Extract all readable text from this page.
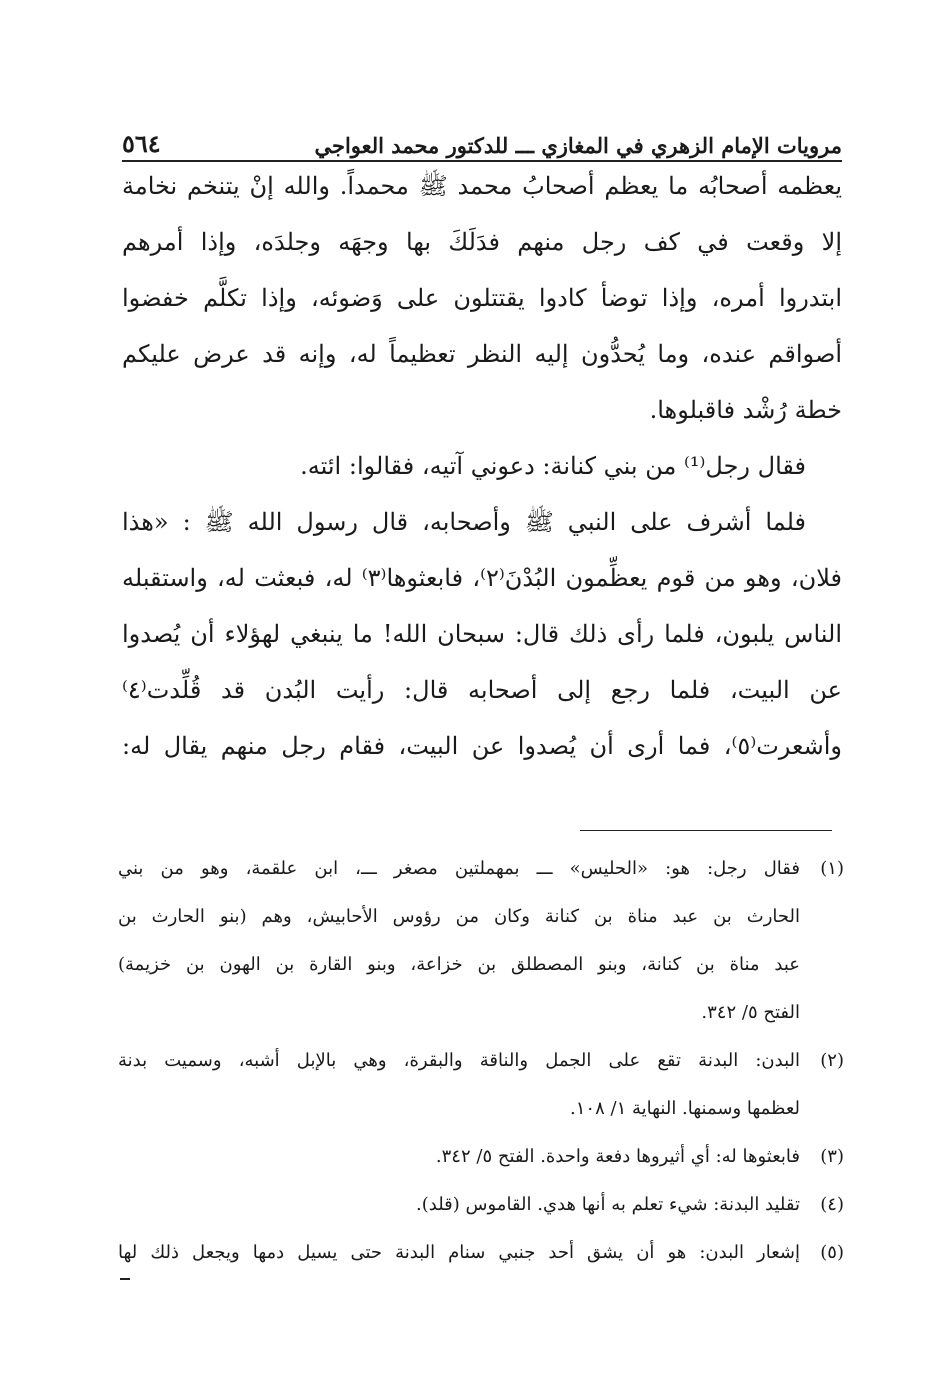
مرويات الإمام الزهري في المغازي ـــ للدكتور محمد العواجي
٥٦٤
يعظمه أصحابُه ما يعظم أصحابُ محمد ﷺ محمداً. والله إنْ يتنخم نخامة
إلا وقعت في كف رجل منهم فدَلَكَ بها وجهَه وجلدَه، وإذا أمرهم
ابتدروا أمره، وإذا توضأ كادوا يقتتلون على وَضوئه، وإذا تكلَّم خفضوا
أصواقم عنده، وما يُحدُّون إليه النظر تعظيماً له، وإنه قد عرض عليكم
خطة رُشْد فاقبلوها.
فقال رجل⁽¹⁾ من بني كنانة: دعوني آتيه، فقالوا: ائته.
فلما أشرف على النبي ﷺ وأصحابه، قال رسول الله ﷺ : «هذا
فلان، وهو من قوم يعظِّمون البُدْنَ⁽٢⁾، فابعثوها⁽٣⁾ له، فبعثت له، واستقبله
الناس يلبون، فلما رأى ذلك قال: سبحان الله! ما ينبغي لهؤلاء أن يُصدوا
عن البيت، فلما رجع إلى أصحابه قال: رأيت البُدن قد قُلِّدت⁽٤⁾
وأشعرت⁽٥⁾، فما أرى أن يُصدوا عن البيت، فقام رجل منهم يقال له:
(١)
فقال رجل: هو: «الحليس» ـــ بمهملتين مصغر ـــ، ابن علقمة، وهو من بني
الحارث بن عبد مناة بن كنانة وكان من رؤوس الأحابيش، وهم (بنو الحارث بن
عبد مناة بن كنانة، وبنو المصطلق بن خزاعة، وبنو القارة بن الهون بن خزيمة)
الفتح ٥/ ٣٤٢.
(٢)
البدن: البدنة تقع على الجمل والناقة والبقرة، وهي بالإبل أشبه، وسميت بدنة
لعظمها وسمنها. النهاية ١/ ١٠٨.
(٣)
فابعثوها له: أي أثيروها دفعة واحدة. الفتح ٥/ ٣٤٢.
(٤)
تقليد البدنة: شيء تعلم به أنها هدي. القاموس (قلد).
(٥)
إشعار البدن: هو أن يشق أحد جنبي سنام البدنة حتى يسيل دمها ويجعل ذلك لها
